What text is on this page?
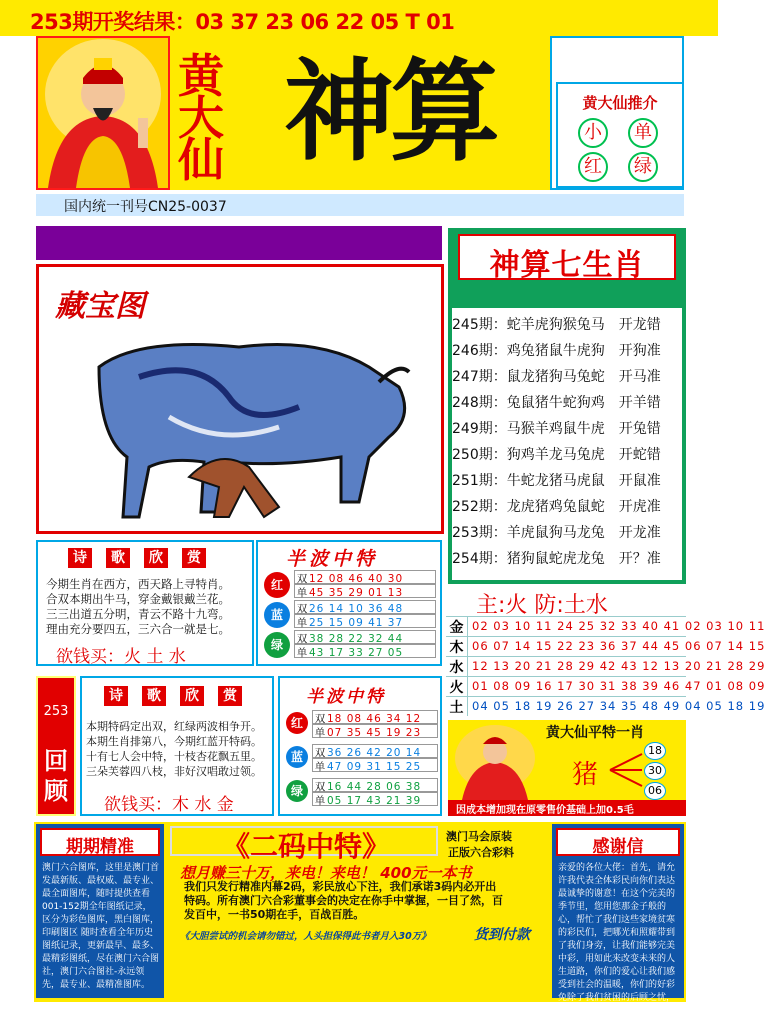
253期开奖结果：03 37 23 06 22 05 T 01
黄
大
仙 神算	黄大仙推介
小	单
红	绿
国内统一刊号CN25-0037
藏宝图
神算七生肖
245期：蛇羊虎狗猴兔马　开龙错
246期：鸡兔猪鼠牛虎狗　开狗准
247期：鼠龙猪狗马兔蛇　开马准
248期：兔鼠猪牛蛇狗鸡　开羊错
249期：马猴羊鸡鼠牛虎　开兔错
250期：狗鸡羊龙马兔虎　开蛇错
251期：牛蛇龙猪马虎鼠　开鼠准
252期：龙虎猪鸡兔鼠蛇　开虎准
253期：羊虎鼠狗马龙兔　开龙准
254期：猪狗鼠蛇虎龙兔　开？准
诗 歌 欣 赏
今期生肖在西方，西天路上寻特肖。
合双本期出牛马，穿金戴银戴兰花。
三三出道五分明，青云不路十九弯。
理由充分要四五，三六合一就是七。
欲钱买：火 土 水
半波中特
红	双 12 08 46 40 30
单 45 35 29 01 13
蓝	双 26 14 10 36 48
单 25 15 09 41 37
绿	双 38 28 22 32 44
单 43 17 33 27 05
主:火 防:土水
金 02 03 10 11 24 25 32 33 40 41 02 03 10 11
木 06 07 14 15 22 23 36 37 44 45 06 07 14 15
水 12 13 20 21 28 29 42 43 12 13 20 21 28 29
火 01 08 09 16 17 30 31 38 39 46 47 01 08 09
土 04 05 18 19 26 27 34 35 48 49 04 05 18 19
253
回
顾
诗 歌 欣 赏
本期特码定出双，红绿两波相争开。
本期生肖排第八，今期红蓝开特码。
十有七人会中特，十枝杏花飘五里。
三朵芙蓉四八枝，非好汉唱敢过领。
欲钱买：木 水 金
半波中特
红	双 18 08 46 34 12
单 07 35 45 19 23
蓝	双 36 26 42 20 14
单 47 09 31 15 25
绿	双 16 44 28 06 38
单 05 17 43 21 39
黄大仙平特一肖
猪
18
30
06
因成本增加现在原零售价基础上加0.5毛
期期精准
澳门六合图库，这里是澳门首发最新版、最权威、最专业、最全面图库，随时提供查看001-152期全年图纸记录，区分为彩色图库，黑白图库，印刷图区 随时查看全年历史图纸记录，更新最早、最多、最精彩图纸，尽在澳门六合图社，澳门六合图社-永远领先，最专业、最精准图库。
《二码中特》	澳门马会原装
正版六合彩料
想月赚三十万，来电！来电！ 400元一本书
我们只发行精准内幕2码，彩民放心下注，我们承诺3码内必开出特码。所有澳门六合彩董事会的决定在你手中掌握，一目了然，百发百中，一书50期在手，百战百胜。
《大胆尝试的机会请勿错过，人头担保得此书者月入30万》	货到付款
感谢信
亲爱的各位大佬：首先，请允许我代表全体彩民向你们表达最诚挚的谢意！在这个完美的季节里，您用您那金子般的心，帮忙了我们这些家境贫寒的彩民们，把哪光和照耀带到了我们身旁，让我们能够完美中彩，用如此来改变未来的人生道路，你们的爱心让我们感受到社会的温暖，你们的好彩免除了我们贫困的后顾之忧，让我们渴望新生活的心信更加
